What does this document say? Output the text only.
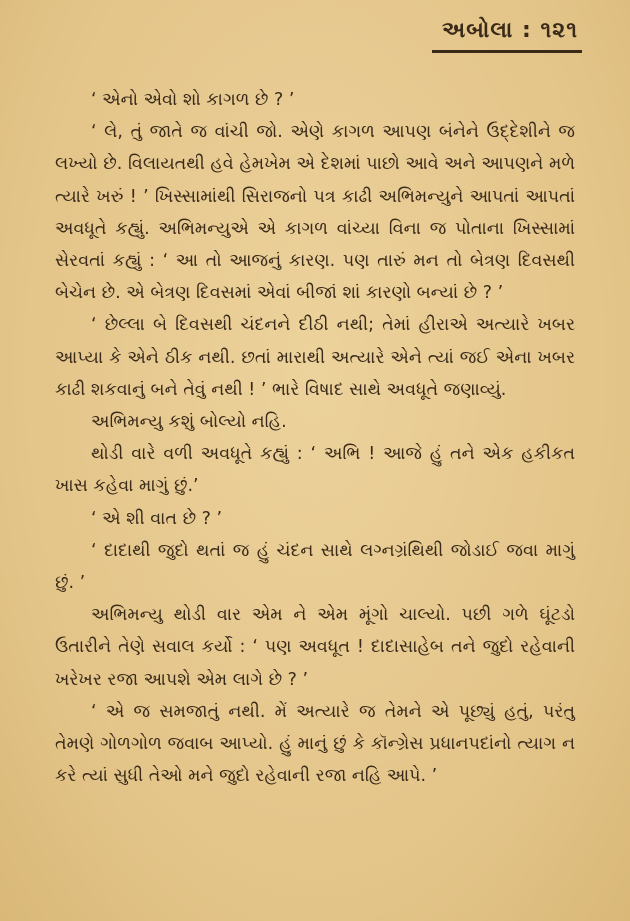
અબોલા : ૧૨૧

‘ એનો એવો શો કાગળ છે ? ’

‘ લે, તું જાતે જ વાંચી જો. એણે કાગળ આપણ બંનેને ઉદ્દેશીને જ લખ્યો છે. વિલાયતથી હવે હેમખેમ એ દેશમાં પાછો આવે અને આપણને મળે ત્યારે ખરું ! ’ ખિસ્સામાંથી સિરાજનો પત્ર કાઢી અભિમન્યુને આપતાં આપતાં અવધૂતે કહ્યું. અભિમન્યુએ એ કાગળ વાંચ્યા વિના જ પોતાના ખિસ્સામાં સેરવતાં કહ્યું : ‘ આ તો આજનું કારણ. પણ તારું મન તો બેત્રણ દિવસથી બેચેન છે. એ બેત્રણ દિવસમાં એવાં બીજાં શાં કારણો બન્યાં છે ? ’

‘ છેલ્લા બે દિવસથી ચંદનને દીઠી નથી; તેમાં હીરાએ અત્યારે ખબર આપ્યા કે એને ઠીક નથી. છતાં મારાથી અત્યારે એને ત્યાં જઈ એના ખબર કાઢી શકવાનું બને તેવું નથી ! ’ ભારે વિષાદ સાથે અવધૂતે જણાવ્યું.

અભિમન્યુ કશું બોલ્યો નહિ.

થોડી વારે વળી અવધૂતે કહ્યું : ‘ અભિ ! આજે હું તને એક હકીકત ખાસ કહેવા માગું છું.’

‘ એ શી વાત છે ? ’

‘ દાદાથી જુદો થતાં જ હું ચંદન સાથે લગ્નગ્રંથિથી જોડાઈ જવા માગું છું. ’

અભિમન્યુ થોડી વાર એમ ને એમ મૂંગો ચાલ્યો. પછી ગળે ઘૂંટડો ઉતારીને તેણે સવાલ કર્યો : ‘ પણ અવધૂત ! દાદાસાહેબ તને જુદો રહેવાની ખરેખર રજા આપશે એમ લાગે છે ? ’

‘ એ જ સમજાતું નથી. મેં અત્યારે જ તેમને એ પૂછ્યું હતું, પરંતુ તેમણે ગોળગોળ જવાબ આપ્યો. હું માનું છું કે કૉન્ગ્રેસ પ્રધાનપદાંનો ત્યાગ ન કરે ત્યાં સુધી તેઓ મને જુદો રહેવાની રજા નહિ આપે. ’
